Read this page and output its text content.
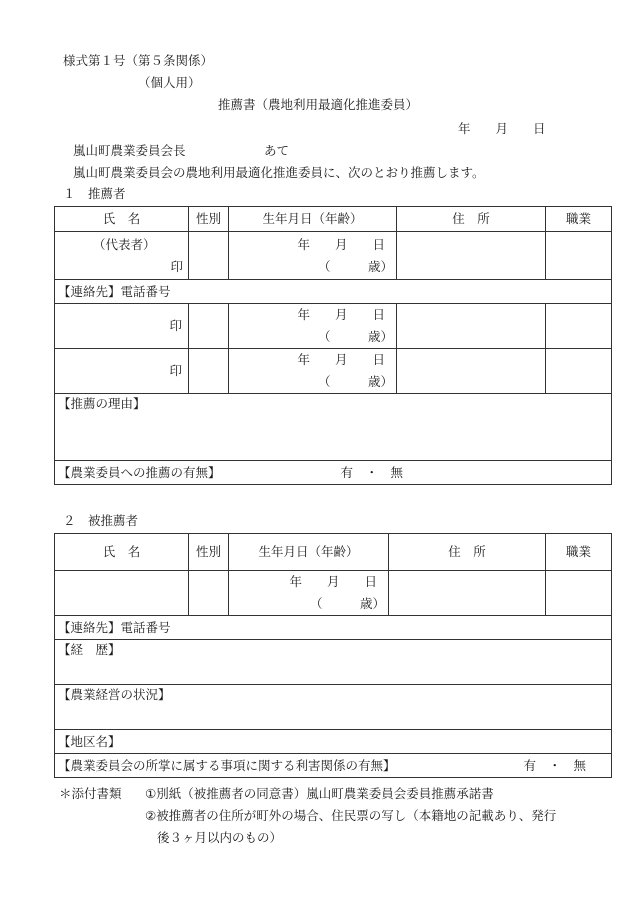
様式第１号（第５条関係）
（個人用）
推薦書（農地利用最適化推進委員）
年　　月　　日
嵐山町農業委員会長	あて
嵐山町農業委員会の農地利用最適化推進委員に、次のとおり推薦します。
１　推薦者
氏　名	性別	生年月日（年齢）	住　所	職業

（代表者）
印		年　　月　　日
（　　　歳）		

【連絡先】電話番号				
印		年　　月　　日
（　　　歳）		

印		年　　月　　日
（　　　歳）		

【推薦の理由】				
【農業委員への推薦の有無】 有　・　無				
２　被推薦者
氏　名	性別	生年月日（年齢）	住　所	職業

		年　　月　　日
（　　　歳）		

【連絡先】電話番号				
【経　歴】				
【農業経営の状況】				
【地区名】				

【農業委員会の所掌に属する事項に関する利害関係の有無】 有　・　無				
＊添付書類 ①別紙（被推薦者の同意書）嵐山町農業委員会委員推薦承諾書
②被推薦者の住所が町外の場合、住民票の写し（本籍地の記載あり、発行
後３ヶ月以内のもの）
